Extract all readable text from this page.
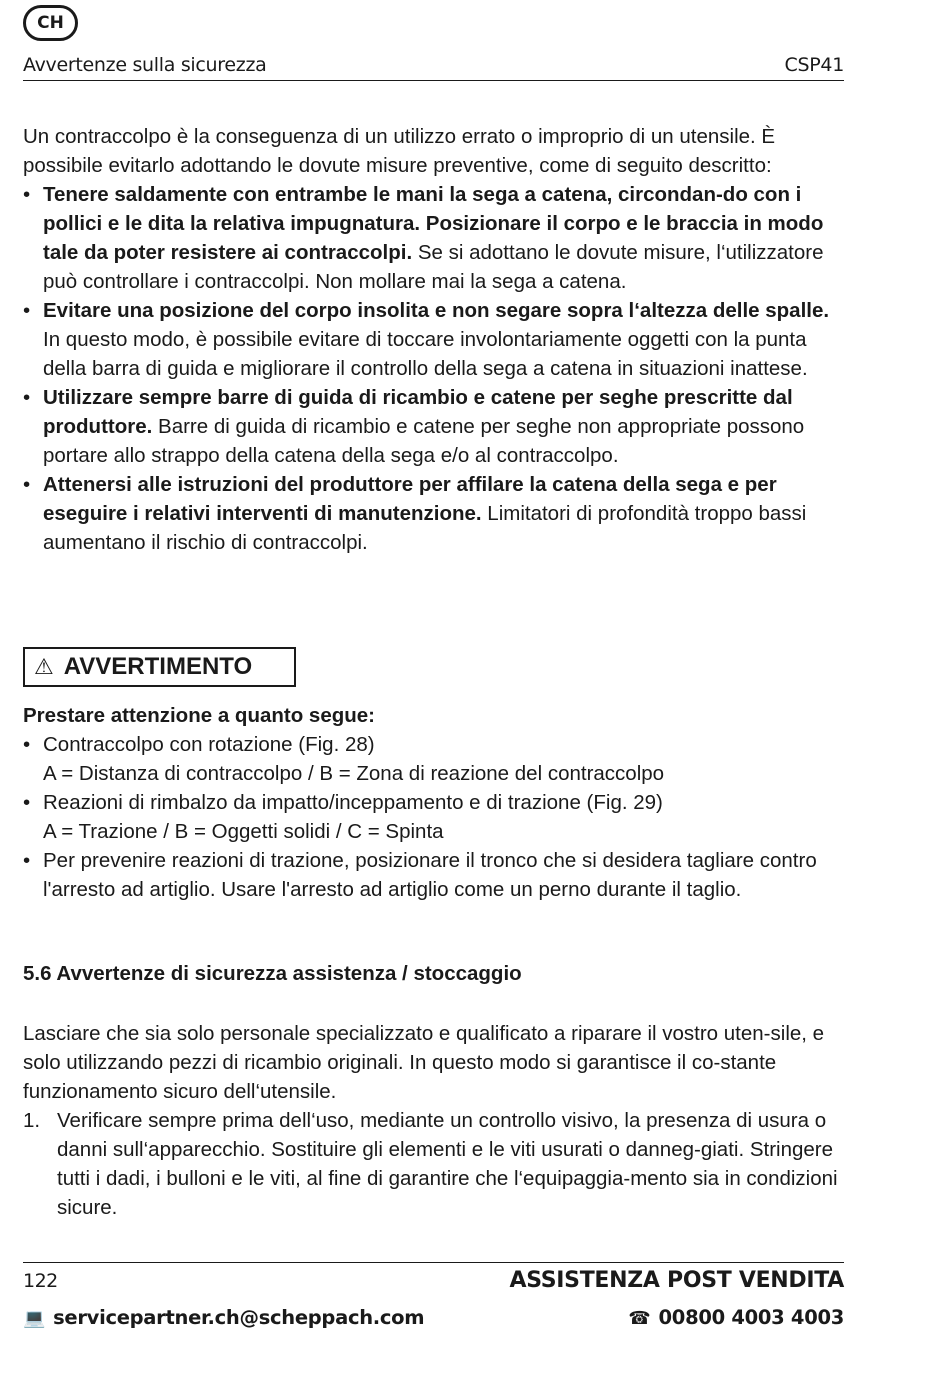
CH
Avvertenze sulla sicurezza	CSP41

Un contraccolpo è la conseguenza di un utilizzo errato o improprio di un utensile. È possibile evitarlo adottando le dovute misure preventive, come di seguito descritto:

• Tenere saldamente con entrambe le mani la sega a catena, circondan-do con i pollici e le dita la relativa impugnatura. Posizionare il corpo e le braccia in modo tale da poter resistere ai contraccolpi. Se si adottano le dovute misure, l‘utilizzatore può controllare i contraccolpi. Non mollare mai la sega a catena.
• Evitare una posizione del corpo insolita e non segare sopra l‘altezza delle spalle. In questo modo, è possibile evitare di toccare involontariamente oggetti con la punta della barra di guida e migliorare il controllo della sega a catena in situazioni inattese.
• Utilizzare sempre barre di guida di ricambio e catene per seghe prescritte dal produttore. Barre di guida di ricambio e catene per seghe non appropriate possono portare allo strappo della catena della sega e/o al contraccolpo.
• Attenersi alle istruzioni del produttore per affilare la catena della sega e per eseguire i relativi interventi di manutenzione. Limitatori di profondità troppo bassi aumentano il rischio di contraccolpi.
⚠ AVVERTIMENTO

Prestare attenzione a quanto segue:

• Contraccolpo con rotazione (Fig. 28)
A = Distanza di contraccolpo / B = Zona di reazione del contraccolpo
• Reazioni di rimbalzo da impatto/inceppamento e di trazione (Fig. 29)
A = Trazione / B = Oggetti solidi / C = Spinta
• Per prevenire reazioni di trazione, posizionare il tronco che si desidera tagliare contro l'arresto ad artiglio. Usare l'arresto ad artiglio come un perno durante il taglio.
5.6 Avvertenze di sicurezza assistenza / stoccaggio

Lasciare che sia solo personale specializzato e qualificato a riparare il vostro uten-sile, e solo utilizzando pezzi di ricambio originali. In questo modo si garantisce il co-stante funzionamento sicuro dell‘utensile.

1. Verificare sempre prima dell‘uso, mediante un controllo visivo, la presenza di usura o danni sull‘apparecchio. Sostituire gli elementi e le viti usurati o danneg-giati. Stringere tutti i dadi, i bulloni e le viti, al fine di garantire che l‘equipaggia-mento sia in condizioni sicure.
122	ASSISTENZA POST VENDITA
💻 servicepartner.ch@scheppach.com	☎ 00800 4003 4003
